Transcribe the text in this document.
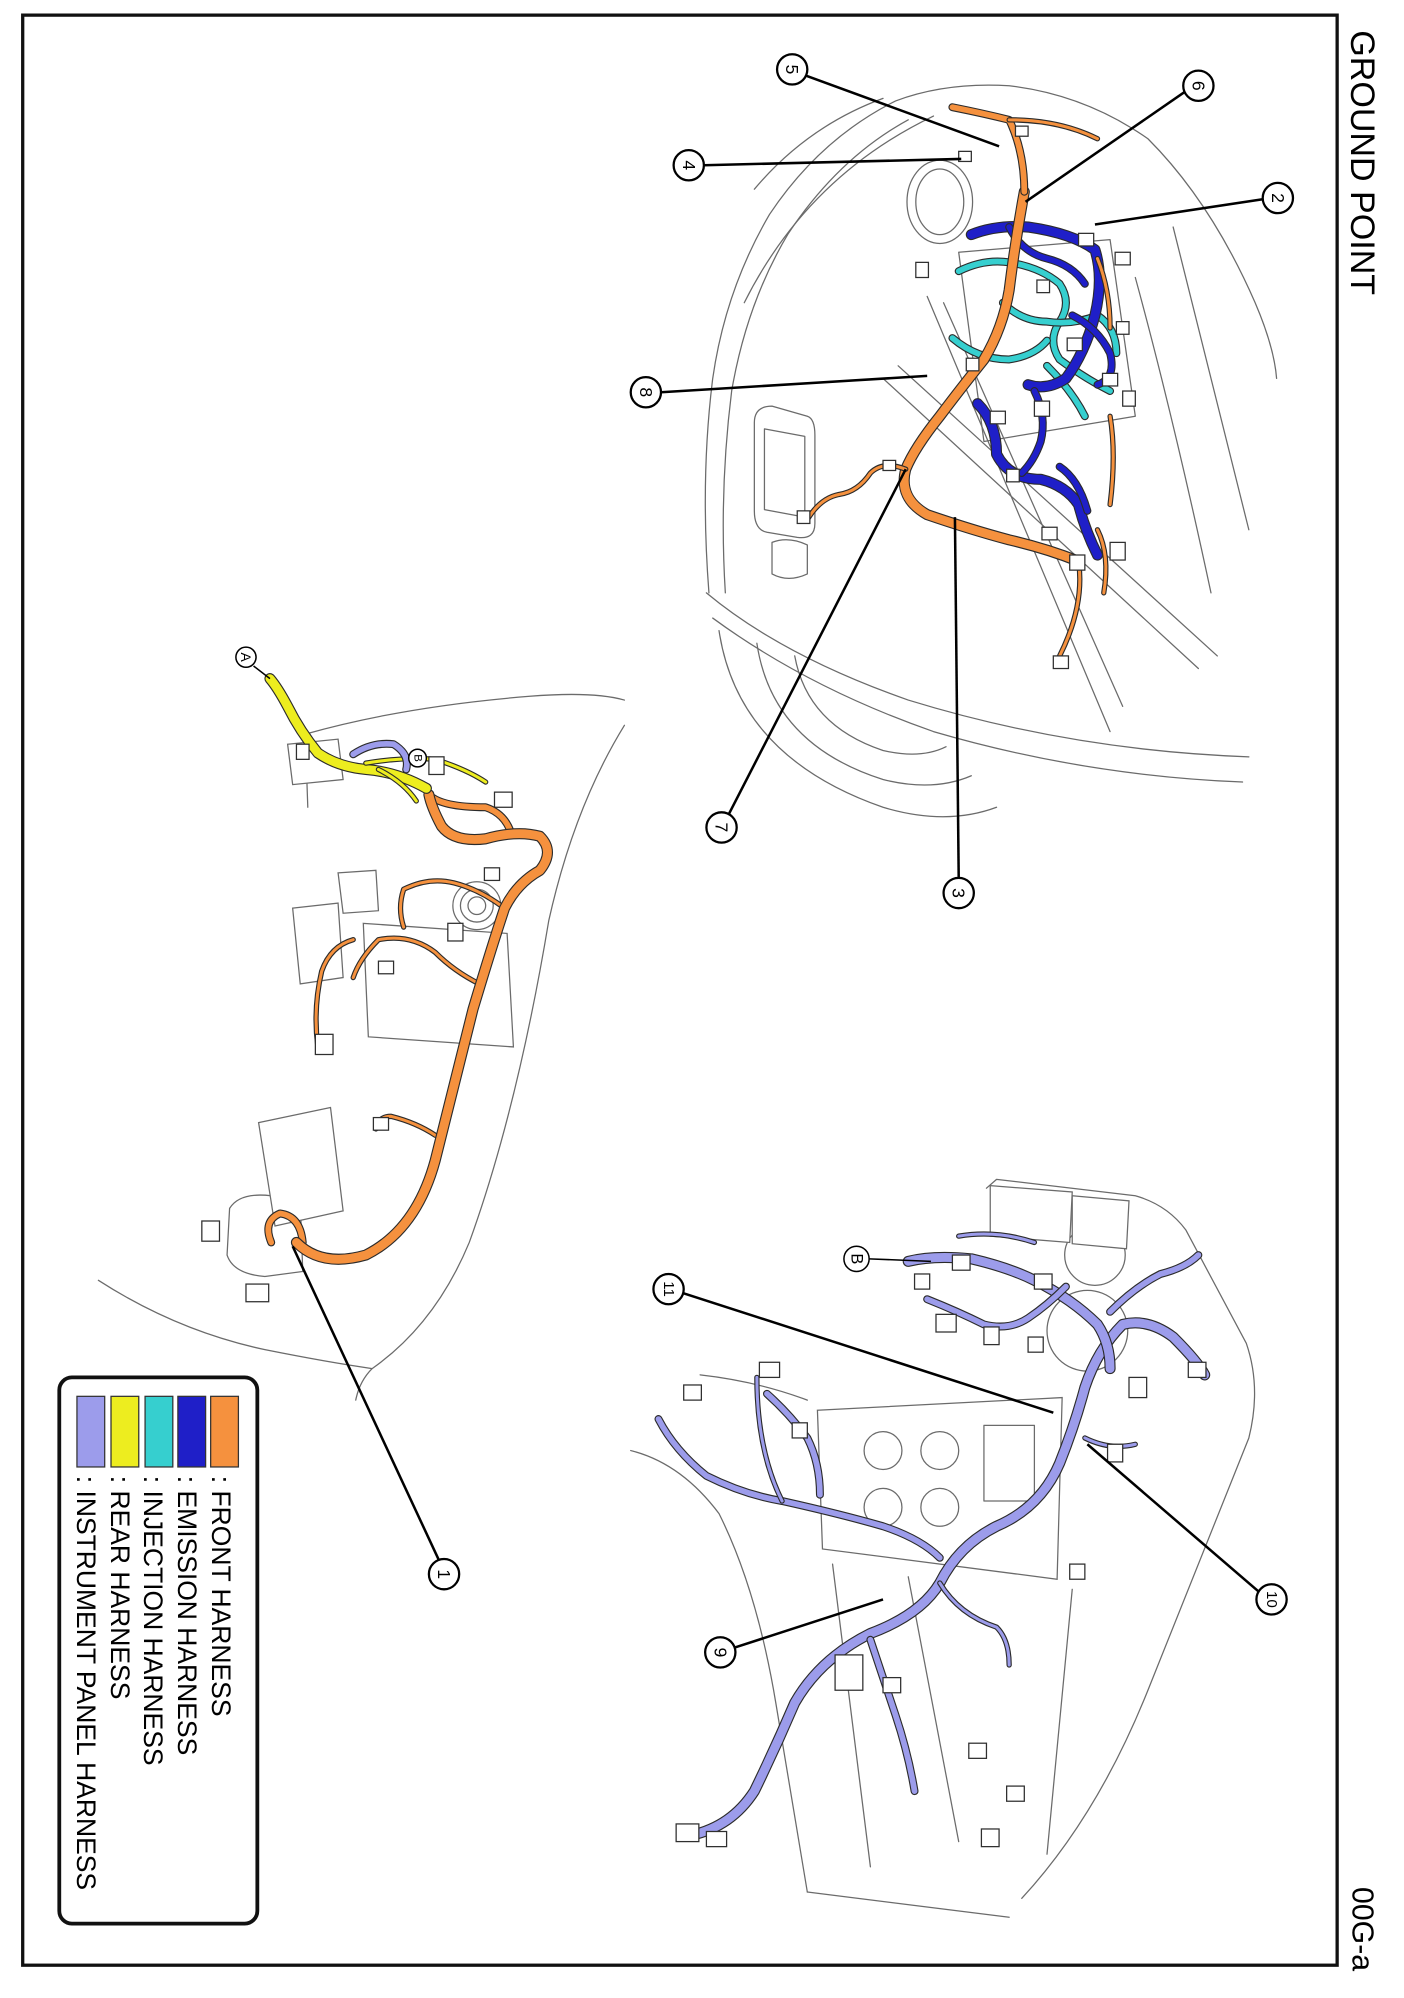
GROUND POINT
00G-a
1
2
3
4
5
6
7
8
9
10
11
A
B
B
: FRONT HARNESS
: EMISSION HARNESS
: INJECTION HARNESS
: REAR HARNESS
: INSTRUMENT PANEL HARNESS
